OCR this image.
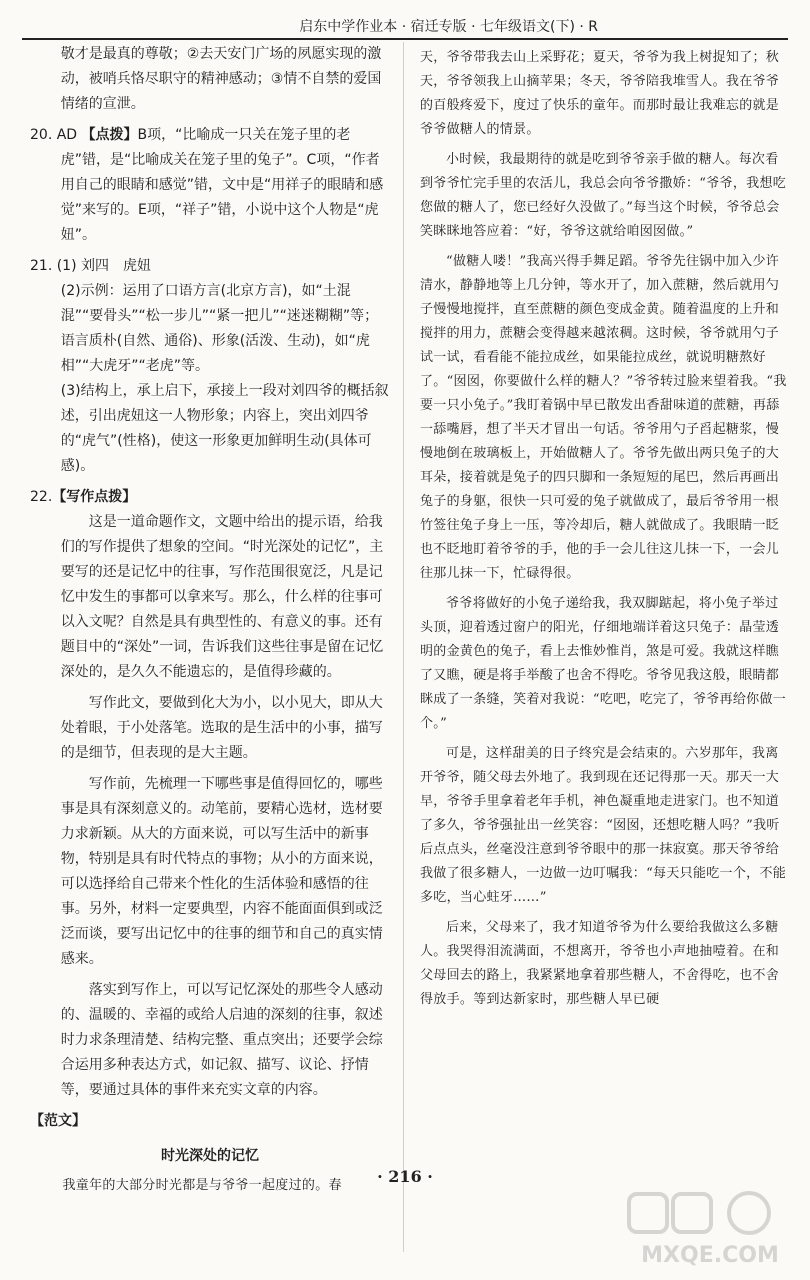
启东中学作业本 · 宿迁专版 · 七年级语文(下) · R

敬才是最真的尊敬；②去天安门广场的夙愿实现的激动，被哨兵恪尽职守的精神感动；③情不自禁的爱国情绪的宣泄。

20. AD 【点拨】B项，“比喻成一只关在笼子里的老虎”错，是“比喻成关在笼子里的兔子”。C项，“作者用自己的眼睛和感觉”错，文中是“用祥子的眼睛和感觉”来写的。E项，“祥子”错，小说中这个人物是“虎妞”。

21. (1) 刘四　虎妞

(2)示例：运用了口语方言(北京方言)，如“土混混”“要骨头”“松一步儿”“紧一把儿”“迷迷糊糊”等；语言质朴(自然、通俗)、形象(活泼、生动)，如“虎相”“大虎牙”“老虎”等。

(3)结构上，承上启下，承接上一段对刘四爷的概括叙述，引出虎妞这一人物形象；内容上，突出刘四爷的“虎气”(性格)，使这一形象更加鲜明生动(具体可感)。

22.【写作点拨】

这是一道命题作文，文题中给出的提示语，给我们的写作提供了想象的空间。“时光深处的记忆”，主要写的还是记忆中的往事，写作范围很宽泛，凡是记忆中发生的事都可以拿来写。那么，什么样的往事可以入文呢？自然是具有典型性的、有意义的事。还有题目中的“深处”一词，告诉我们这些往事是留在记忆深处的，是久久不能遗忘的，是值得珍藏的。

写作此文，要做到化大为小，以小见大，即从大处着眼，于小处落笔。选取的是生活中的小事，描写的是细节，但表现的是大主题。

写作前，先梳理一下哪些事是值得回忆的，哪些事是具有深刻意义的。动笔前，要精心选材，选材要力求新颖。从大的方面来说，可以写生活中的新事物，特别是具有时代特点的事物；从小的方面来说，可以选择给自己带来个性化的生活体验和感悟的往事。另外，材料一定要典型，内容不能面面俱到或泛泛而谈，要写出记忆中的往事的细节和自己的真实情感来。

落实到写作上，可以写记忆深处的那些令人感动的、温暖的、幸福的或给人启迪的深刻的往事，叙述时力求条理清楚、结构完整、重点突出；还要学会综合运用多种表达方式，如记叙、描写、议论、抒情等，要通过具体的事件来充实文章的内容。

【范文】

时光深处的记忆

我童年的大部分时光都是与爷爷一起度过的。春

天，爷爷带我去山上采野花；夏天，爷爷为我上树捉知了；秋天，爷爷领我上山摘苹果；冬天，爷爷陪我堆雪人。我在爷爷的百般疼爱下，度过了快乐的童年。而那时最让我难忘的就是爷爷做糖人的情景。

小时候，我最期待的就是吃到爷爷亲手做的糖人。每次看到爷爷忙完手里的农活儿，我总会向爷爷撒娇：“爷爷，我想吃您做的糖人了，您已经好久没做了。”每当这个时候，爷爷总会笑眯眯地答应着：“好，爷爷这就给咱囡囡做。”

“做糖人喽！”我高兴得手舞足蹈。爷爷先往锅中加入少许清水，静静地等上几分钟，等水开了，加入蔗糖，然后就用勺子慢慢地搅拌，直至蔗糖的颜色变成金黄。随着温度的上升和搅拌的用力，蔗糖会变得越来越浓稠。这时候，爷爷就用勺子试一试，看看能不能拉成丝，如果能拉成丝，就说明糖熬好了。“囡囡，你要做什么样的糖人？”爷爷转过脸来望着我。“我要一只小兔子。”我盯着锅中早已散发出香甜味道的蔗糖，再舔一舔嘴唇，想了半天才冒出一句话。爷爷用勺子舀起糖浆，慢慢地倒在玻璃板上，开始做糖人了。爷爷先做出两只兔子的大耳朵，接着就是兔子的四只脚和一条短短的尾巴，然后再画出兔子的身躯，很快一只可爱的兔子就做成了，最后爷爷用一根竹签往兔子身上一压，等冷却后，糖人就做成了。我眼睛一眨也不眨地盯着爷爷的手，他的手一会儿往这儿抹一下，一会儿往那儿抹一下，忙碌得很。

爷爷将做好的小兔子递给我，我双脚踮起，将小兔子举过头顶，迎着透过窗户的阳光，仔细地端详着这只兔子：晶莹透明的金黄色的兔子，看上去惟妙惟肖，煞是可爱。我就这样瞧了又瞧，硬是将手举酸了也舍不得吃。爷爷见我这般，眼睛都眯成了一条缝，笑着对我说：“吃吧，吃完了，爷爷再给你做一个。”

可是，这样甜美的日子终究是会结束的。六岁那年，我离开爷爷，随父母去外地了。我到现在还记得那一天。那天一大早，爷爷手里拿着老年手机，神色凝重地走进家门。也不知道了多久，爷爷强扯出一丝笑容：“囡囡，还想吃糖人吗？”我听后点点头，丝毫没注意到爷爷眼中的那一抹寂寞。那天爷爷给我做了很多糖人，一边做一边叮嘱我：“每天只能吃一个，不能多吃，当心蛀牙……”

后来，父母来了，我才知道爷爷为什么要给我做这么多糖人。我哭得泪流满面，不想离开，爷爷也小声地抽噎着。在和父母回去的路上，我紧紧地拿着那些糖人，不舍得吃，也不舍得放手。等到达新家时，那些糖人早已硬

· 216 ·
MXQE.COM
